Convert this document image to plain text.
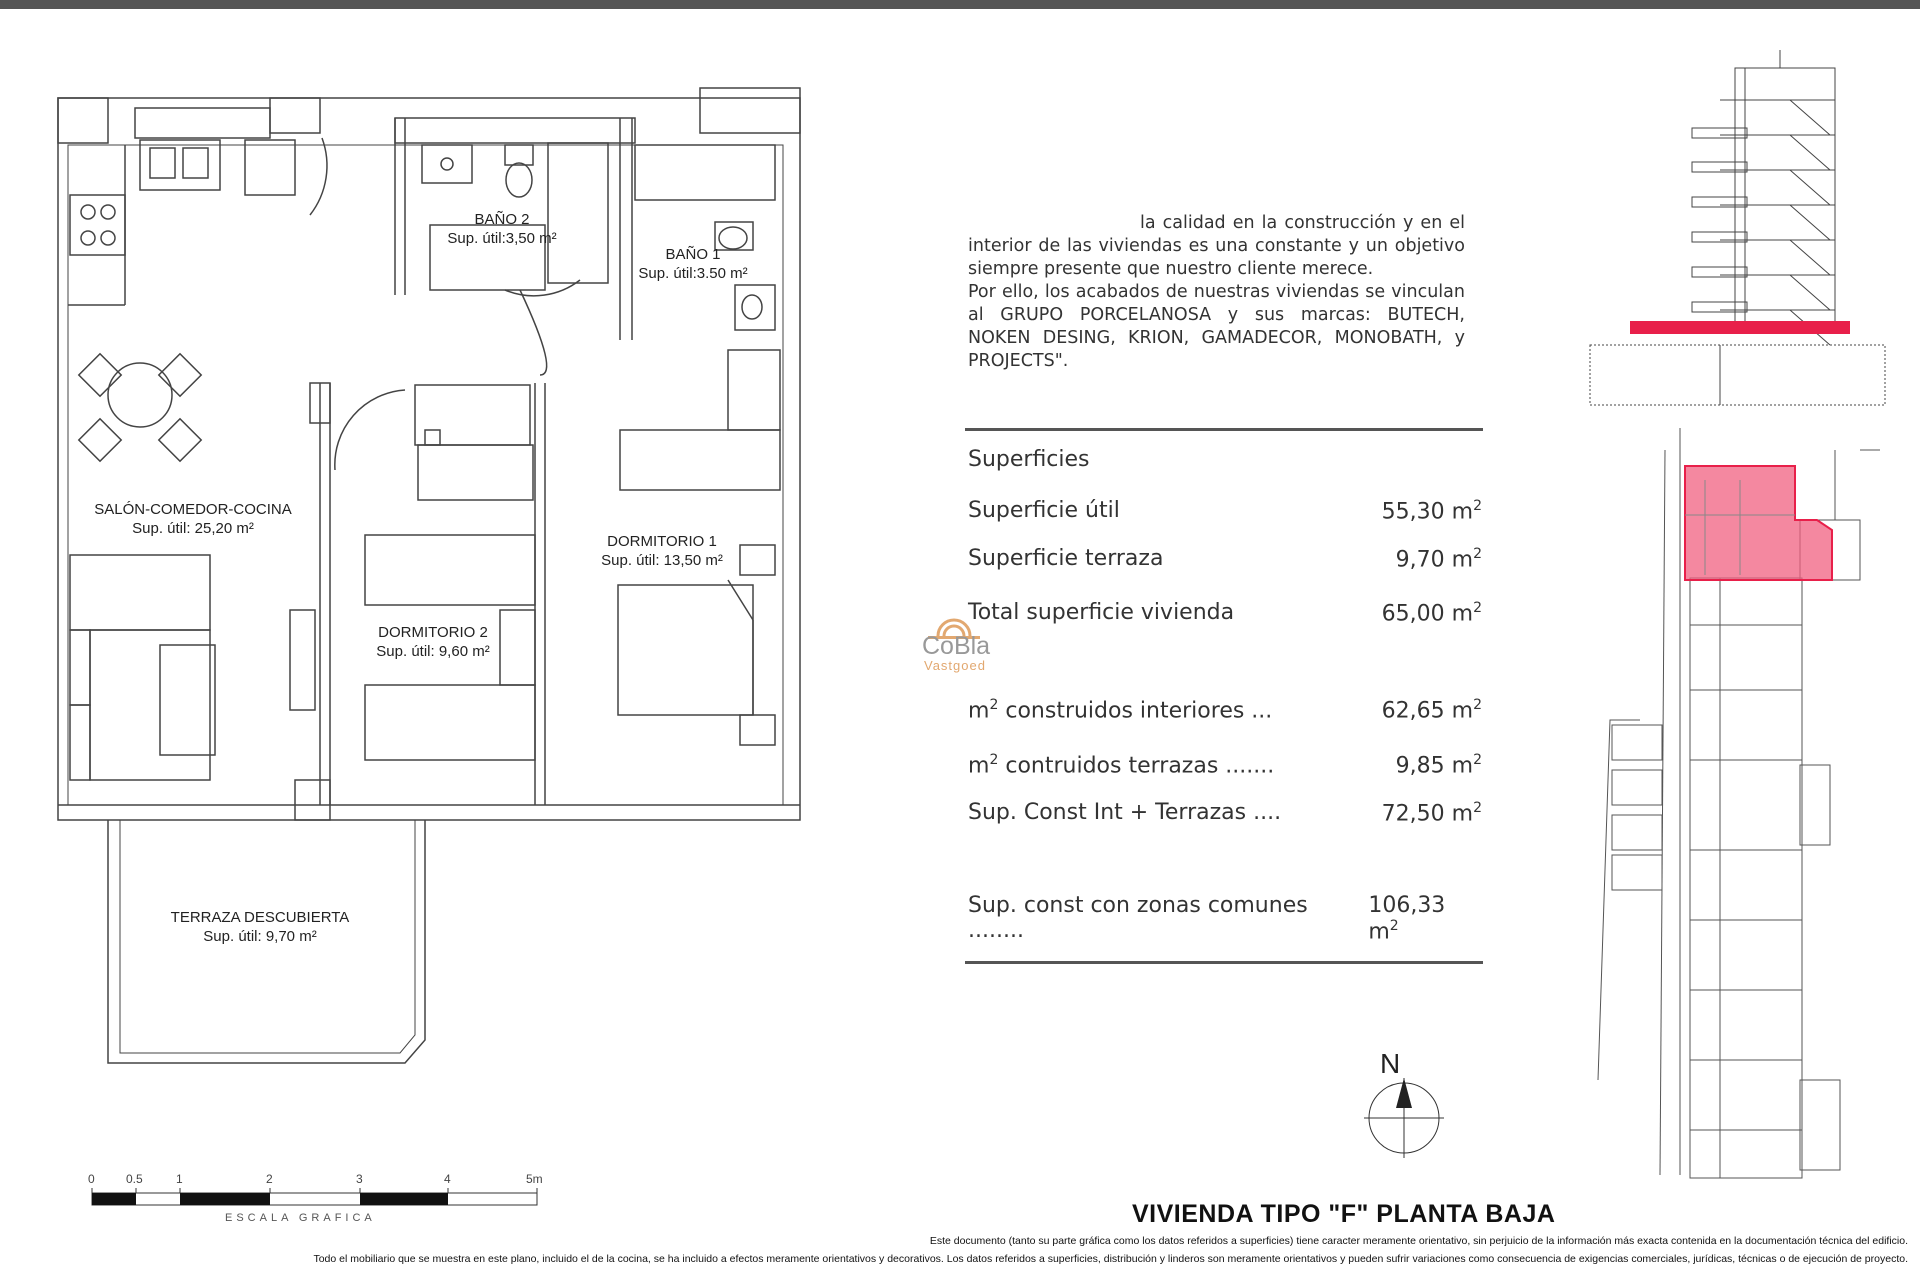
BAÑO 2
Sup. útil:3,50 m²
BAÑO 1
Sup. útil:3.50 m²
SALÓN-COMEDOR-COCINA
Sup. útil: 25,20 m²
DORMITORIO 1
Sup. útil: 13,50 m²
DORMITORIO 2
Sup. útil: 9,60 m²
TERRAZA DESCUBIERTA
Sup. útil: 9,70 m²

la calidad en la construcción y en el interior de las viviendas es una constante y un objetivo siempre presente que nuestro cliente merece.

Por ello, los acabados de nuestras viviendas se vinculan al GRUPO PORCELANOSA y sus marcas: BUTECH, NOKEN DESING, KRION, GAMADECOR, MONOBATH, y PROJECTS".

Superficies
Superficie útil	55,30 $m^2$
Superficie terraza	9,70 $m^2$
Total superficie vivienda	65,00 $m^2$
$m^2$ construidos interiores ...	62,65 $m^2$
$m^2$ contruidos terrazas .......	9,85 $m^2$
Sup. Const Int + Terrazas ....	72,50 $m^2$
Sup. const con zonas comunes ........
106,33 $m^2$
CoBla
Vastgoed
N
0	0.5	1	2	3	4	5m
ESCALA GRAFICA	VIVIENDA TIPO "F" PLANTA BAJA
Este documento (tanto su parte gráfica como los datos referidos a superficies) tiene caracter meramente orientativo, sin perjuicio de la información más exacta contenida en la documentación técnica del edificio.
Todo el mobiliario que se muestra en este plano, incluido el de la cocina, se ha incluido a efectos meramente orientativos y decorativos. Los datos referidos a superficies, distribución y linderos son meramente orientativos y pueden sufrir variaciones como consecuencia de exigencias comerciales, jurídicas, técnicas o de ejecución de proyecto.
